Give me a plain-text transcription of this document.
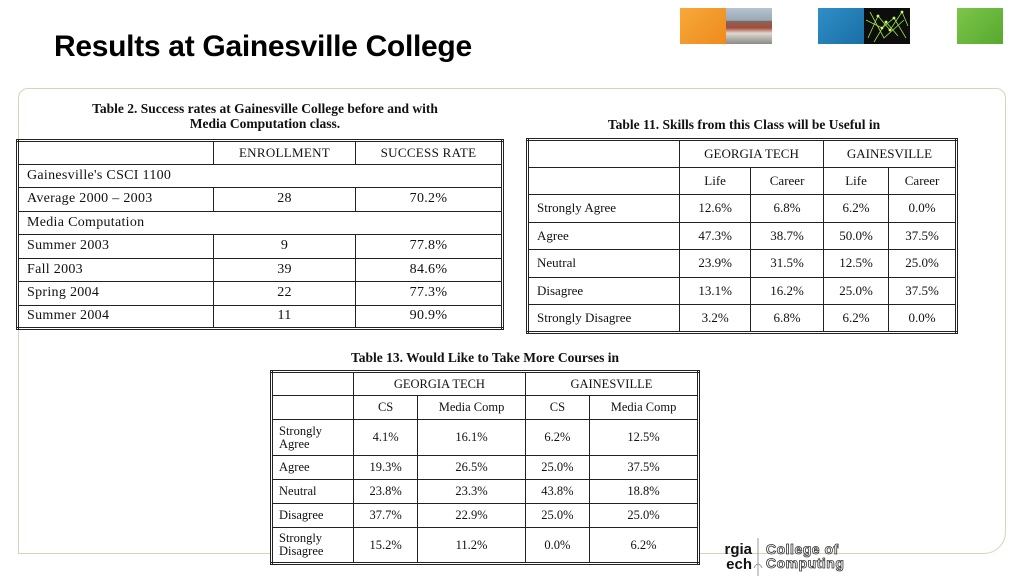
Results at Gainesville College
Table 2. Success rates at Gainesville College before and with
Media Computation class.
	ENROLLMENT	SUCCESS RATE
Gainesville's CSCI 1100		
Average 2000 – 2003	28	70.2%
Media Computation		
Summer 2003	9	77.8%
Fall 2003	39	84.6%
Spring 2004	22	77.3%
Summer 2004	11	90.9%
Table 11. Skills from this Class will be Useful in
	GEORGIA TECH		GAINESVILLE	
	Life	Career	Life	Career
Strongly Agree	12.6%	6.8%	6.2%	0.0%
Agree	47.3%	38.7%	50.0%	37.5%
Neutral	23.9%	31.5%	12.5%	25.0%
Disagree	13.1%	16.2%	25.0%	37.5%
Strongly Disagree	3.2%	6.8%	6.2%	0.0%
Table 13. Would Like to Take More Courses in
	GEORGIA TECH		GAINESVILLE	
	CS	Media Comp	CS	Media Comp
Strongly Agree	4.1%	16.1%	6.2%	12.5%
Agree	19.3%	26.5%	25.0%	37.5%
Neutral	23.8%	23.3%	43.8%	18.8%
Disagree	37.7%	22.9%	25.0%	25.0%
Strongly Disagree	15.2%	11.2%	0.0%	6.2%	rgia
ech
College of
Computing
